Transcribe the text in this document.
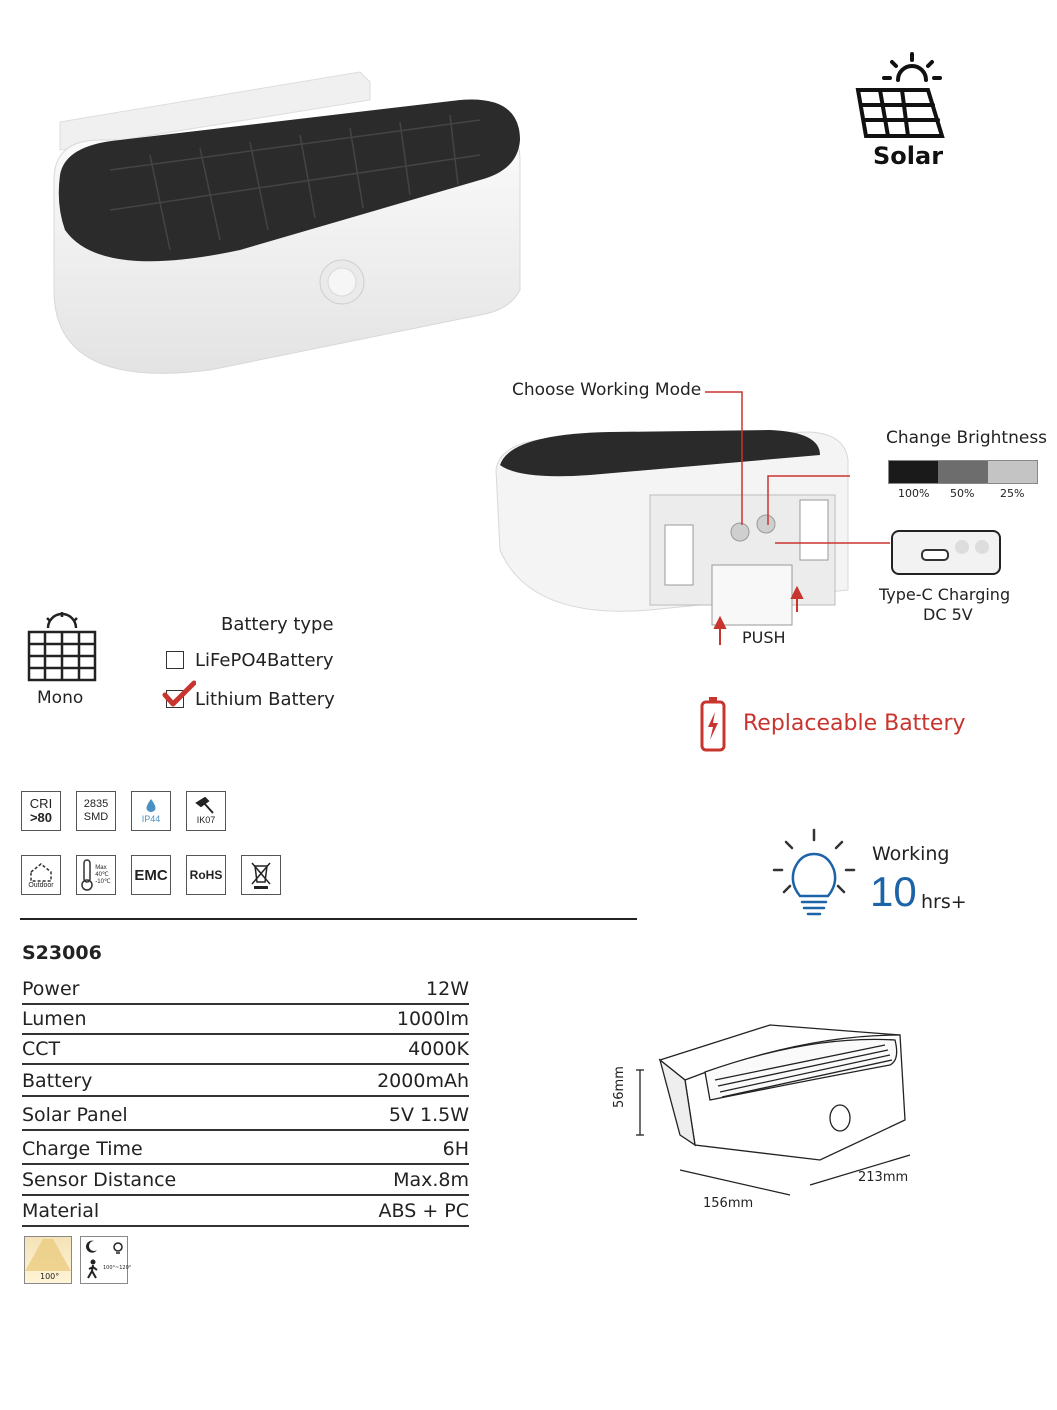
Solar
Choose Working Mode
Change Brightness
100% 50% 25%
Type-C Charging
DC 5V
PUSH
Replaceable Battery
Mono
Battery type
LiFePO4Battery
Lithium Battery
CRI
>80
2835
SMD	IP44	IK07
Outdoor
Max
40℃
-10℃ EMC RoHS
Working
10 hrs+
S23006
Power	12W
Lumen	1000lm
CCT	4000K
Battery	2000mAh
Solar Panel	5V 1.5W
Charge Time	6H
Sensor Distance	Max.8m
Material	ABS + PC
100°
100°~120°
56mm
156mm
213mm
